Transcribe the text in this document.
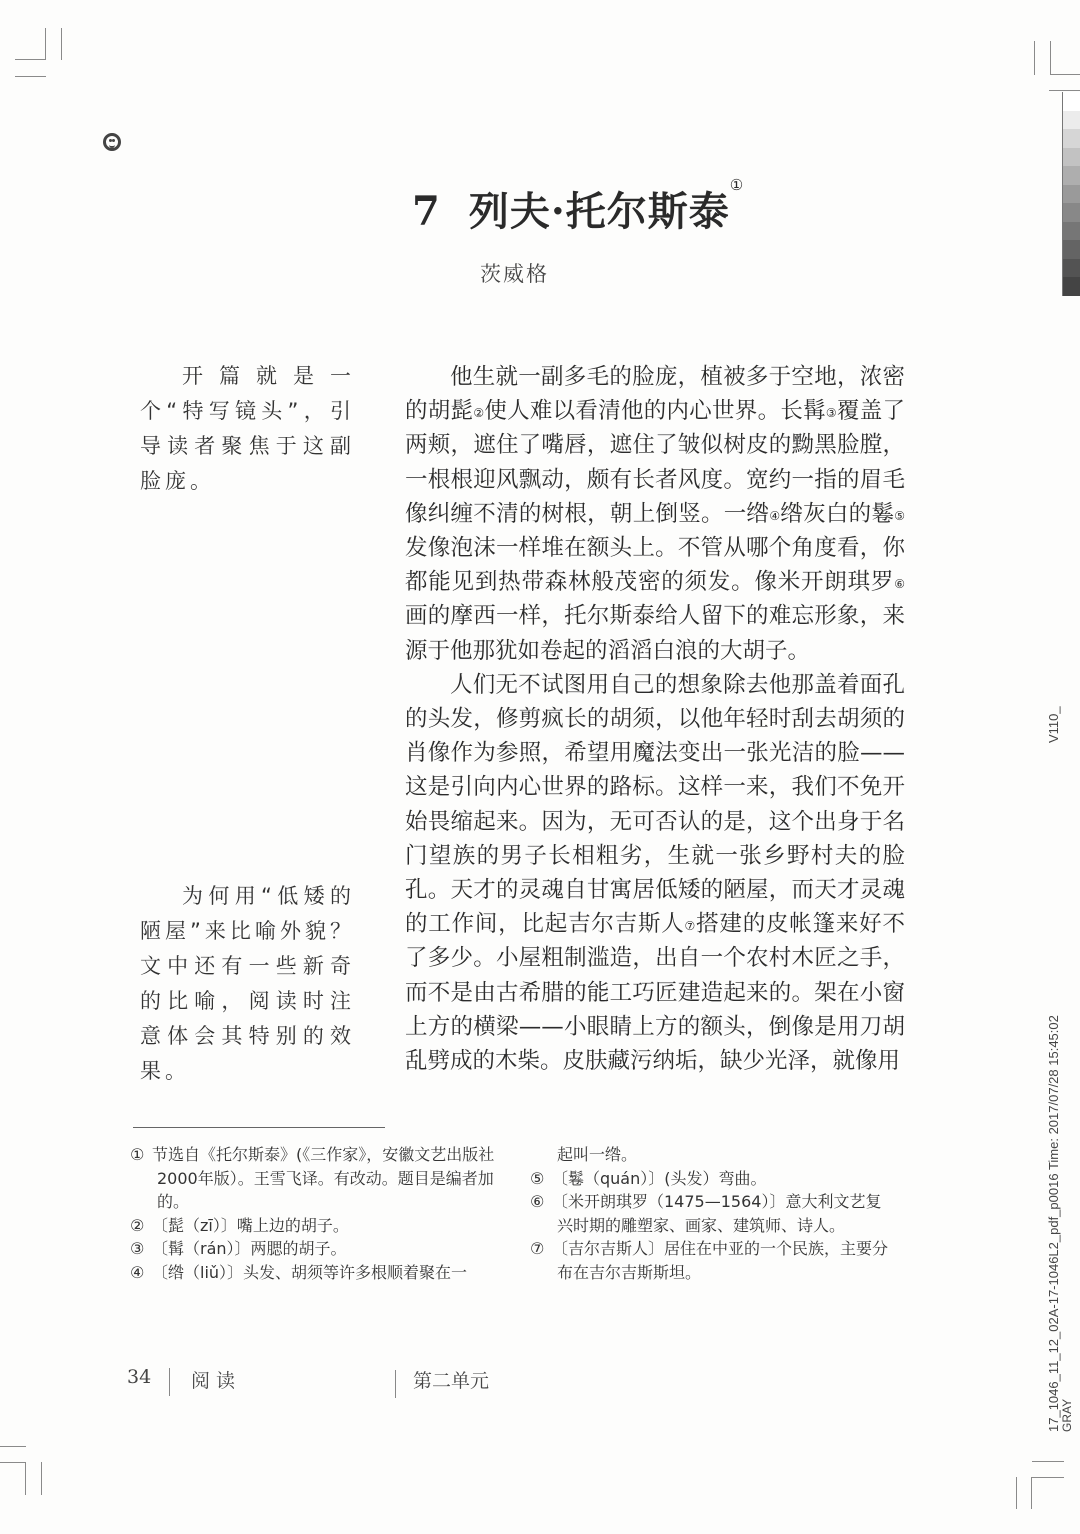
7 列夫·托尔斯泰①
茨威格

开篇就是一个“特写镜头”，引导读者聚焦于这副脸庞。

为何用“低矮的陋屋”来比喻外貌？文中还有一些新奇的比喻，阅读时注意体会其特别的效果。

他生就一副多毛的脸庞，植被多于空地，浓密的胡髭②使人难以看清他的内心世界。长髯③覆盖了两颊，遮住了嘴唇，遮住了皱似树皮的黝黑脸膛，一根根迎风飘动，颇有长者风度。宽约一指的眉毛像纠缠不清的树根，朝上倒竖。一绺④绺灰白的鬈⑤发像泡沫一样堆在额头上。不管从哪个角度看，你都能见到热带森林般茂密的须发。像米开朗琪罗⑥画的摩西一样，托尔斯泰给人留下的难忘形象，来源于他那犹如卷起的滔滔白浪的大胡子。

人们无不试图用自己的想象除去他那盖着面孔的头发，修剪疯长的胡须，以他年轻时刮去胡须的肖像作为参照，希望用魔法变出一张光洁的脸——这是引向内心世界的路标。这样一来，我们不免开始畏缩起来。因为，无可否认的是，这个出身于名门望族的男子长相粗劣，生就一张乡野村夫的脸孔。天才的灵魂自甘寓居低矮的陋屋，而天才灵魂的工作间，比起吉尔吉斯人⑦搭建的皮帐篷来好不了多少。小屋粗制滥造，出自一个农村木匠之手，而不是由古希腊的能工巧匠建造起来的。架在小窗上方的横梁——小眼睛上方的额头，倒像是用刀胡乱劈成的木柴。皮肤藏污纳垢，缺少光泽，就像用

① 节选自《托尔斯泰》(《三作家》，安徽文艺出版社2000年版）。王雪飞译。有改动。题目是编者加的。

② 〔髭（zī）〕嘴上边的胡子。

③ 〔髯（rán）〕两腮的胡子。

④ 〔绺（liǔ）〕头发、胡须等许多根顺着聚在一

起叫一绺。

⑤ 〔鬈（quán）〕(头发）弯曲。

⑥ 〔米开朗琪罗（1475—1564）〕意大利文艺复兴时期的雕塑家、画家、建筑师、诗人。

⑦ 〔吉尔吉斯人〕居住在中亚的一个民族，主要分布在吉尔吉斯斯坦。

34 阅 读	第二单元
V110_
17_1046_11_12_02A-17-1046L2_pdf_p0016 Time: 2017/07/28 15:45:02 GRAY
